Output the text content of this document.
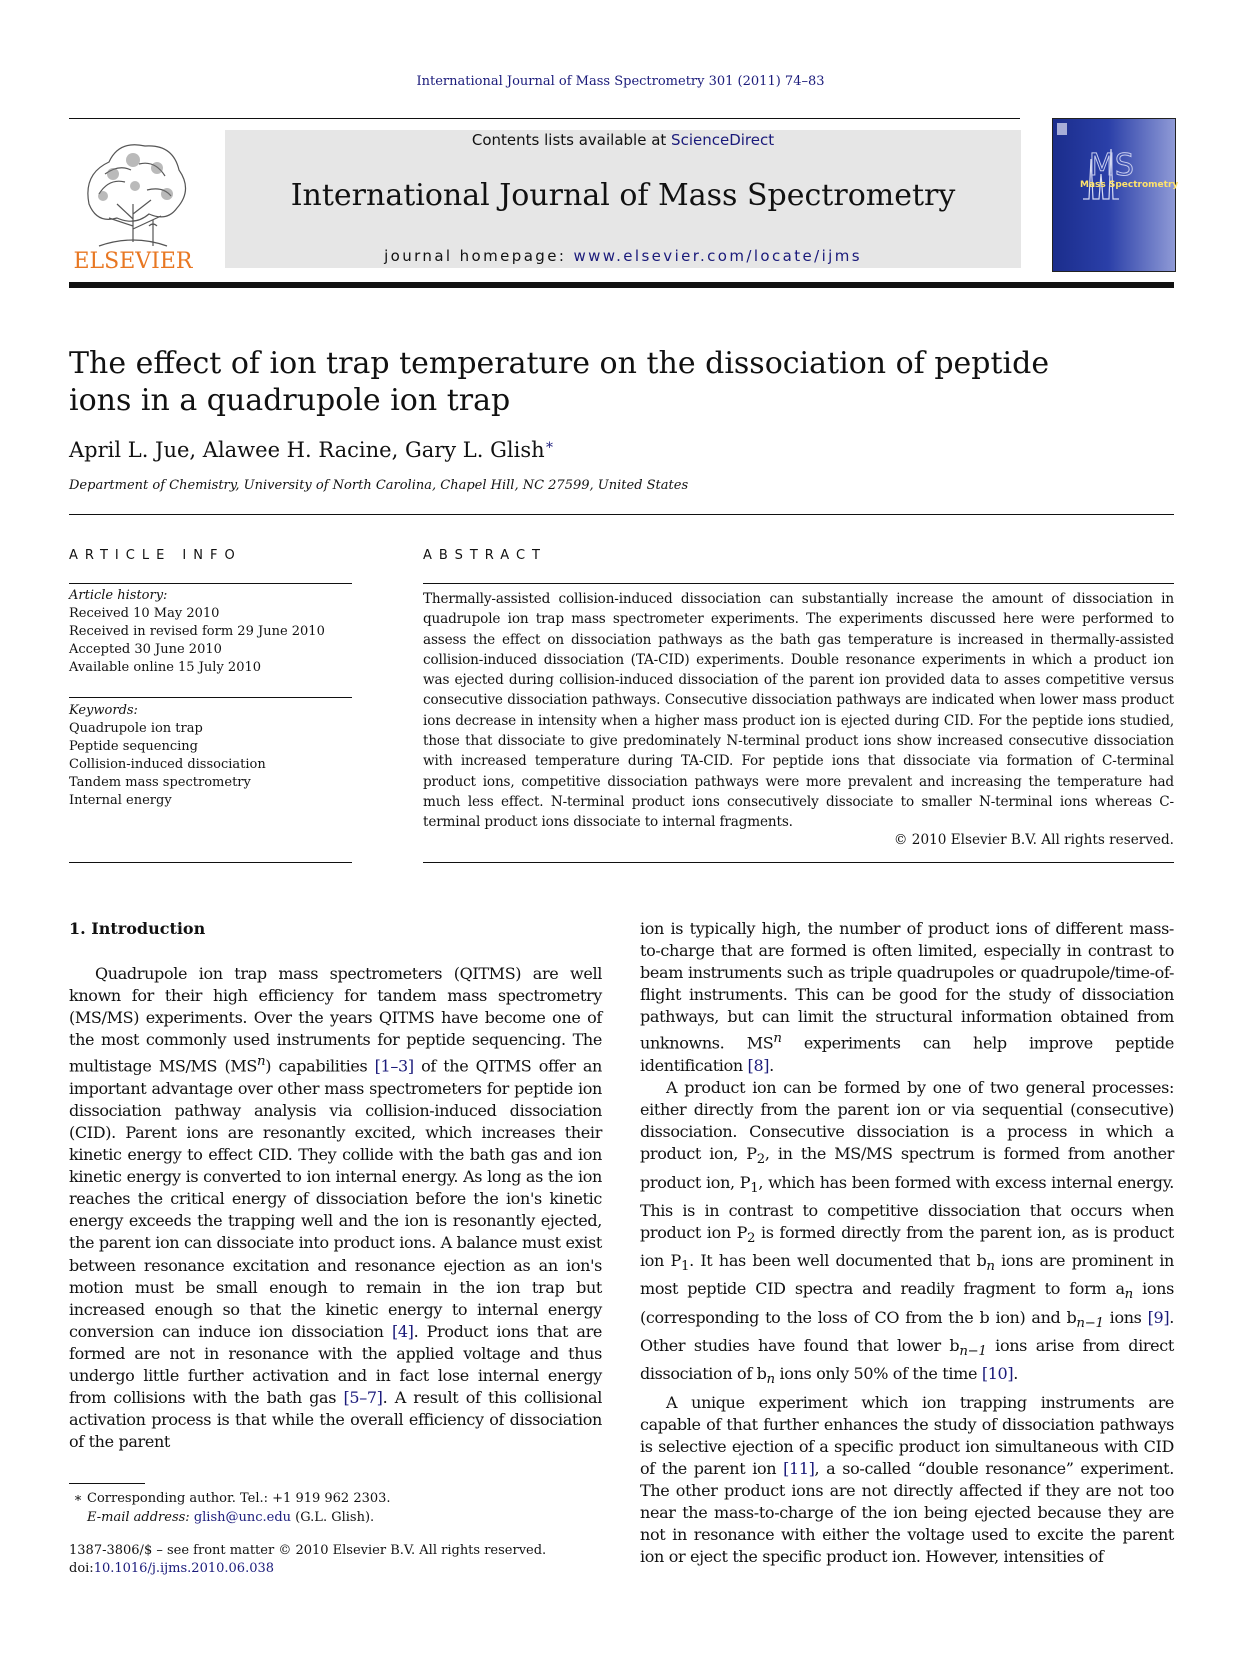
International Journal of Mass Spectrometry 301 (2011) 74–83
ELSEVIER
Contents lists available at ScienceDirect
International Journal of Mass Spectrometry
journal homepage: www.elsevier.com/locate/ijms
MS
Mass Spectrometry
The effect of ion trap temperature on the dissociation of peptide ions in a quadrupole ion trap
April L. Jue, Alawee H. Racine, Gary L. Glish∗
Department of Chemistry, University of North Carolina, Chapel Hill, NC 27599, United States
ARTICLE INFO	ABSTRACT
Article history:
Received 10 May 2010
Received in revised form 29 June 2010
Accepted 30 June 2010
Available online 15 July 2010
Keywords:
Quadrupole ion trap
Peptide sequencing
Collision-induced dissociation
Tandem mass spectrometry
Internal energy
Thermally-assisted collision-induced dissociation can substantially increase the amount of dissociation in quadrupole ion trap mass spectrometer experiments. The experiments discussed here were performed to assess the effect on dissociation pathways as the bath gas temperature is increased in thermally-assisted collision-induced dissociation (TA-CID) experiments. Double resonance experiments in which a product ion was ejected during collision-induced dissociation of the parent ion provided data to asses competitive versus consecutive dissociation pathways. Consecutive dissociation pathways are indicated when lower mass product ions decrease in intensity when a higher mass product ion is ejected during CID. For the peptide ions studied, those that dissociate to give predominately N-terminal product ions show increased consecutive dissociation with increased temperature during TA-CID. For peptide ions that dissociate via formation of C-terminal product ions, competitive dissociation pathways were more prevalent and increasing the temperature had much less effect. N-terminal product ions consecutively dissociate to smaller N-terminal ions whereas C-terminal product ions dissociate to internal fragments.
© 2010 Elsevier B.V. All rights reserved.
1. Introduction

Quadrupole ion trap mass spectrometers (QITMS) are well known for their high efficiency for tandem mass spectrometry (MS/MS) experiments. Over the years QITMS have become one of the most commonly used instruments for peptide sequencing. The multistage MS/MS $(MS^n)$ capabilities [1–3] of the QITMS offer an important advantage over other mass spectrometers for peptide ion dissociation pathway analysis via collision-induced dissociation (CID). Parent ions are resonantly excited, which increases their kinetic energy to effect CID. They collide with the bath gas and ion kinetic energy is converted to ion internal energy. As long as the ion reaches the critical energy of dissociation before the ion's kinetic energy exceeds the trapping well and the ion is resonantly ejected, the parent ion can dissociate into product ions. A balance must exist between resonance excitation and resonance ejection as an ion's motion must be small enough to remain in the ion trap but increased enough so that the kinetic energy to internal energy conversion can induce ion dissociation [4]. Product ions that are formed are not in resonance with the applied voltage and thus undergo little further activation and in fact lose internal energy from collisions with the bath gas [5–7]. A result of this collisional activation process is that while the overall efficiency of dissociation of the parent

ion is typically high, the number of product ions of different mass-to-charge that are formed is often limited, especially in contrast to beam instruments such as triple quadrupoles or quadrupole/time-of-flight instruments. This can be good for the study of dissociation pathways, but can limit the structural information obtained from unknowns. $MS^n$ experiments can help improve peptide identification [8].

A product ion can be formed by one of two general processes: either directly from the parent ion or via sequential (consecutive) dissociation. Consecutive dissociation is a process in which a product ion, $P_2$, in the MS/MS spectrum is formed from another product ion, $P_1$, which has been formed with excess internal energy. This is in contrast to competitive dissociation that occurs when product ion $P_2$ is formed directly from the parent ion, as is product ion $P_1$. It has been well documented that $b_n$ ions are prominent in most peptide CID spectra and readily fragment to form $a_n$ ions (corresponding to the loss of CO from the b ion) and $b_{n-1}$ ions [9]. Other studies have found that lower $b_{n-1}$ ions arise from direct dissociation of $b_n$ ions only 50% of the time [10].

A unique experiment which ion trapping instruments are capable of that further enhances the study of dissociation pathways is selective ejection of a specific product ion simultaneous with CID of the parent ion [11], a so-called “double resonance” experiment. The other product ions are not directly affected if they are not too near the mass-to-charge of the ion being ejected because they are not in resonance with either the voltage used to excite the parent ion or eject the specific product ion. However, intensities of

∗ Corresponding author. Tel.: +1 919 962 2303.
E-mail address: glish@unc.edu (G.L. Glish).
1387-3806/$ – see front matter © 2010 Elsevier B.V. All rights reserved.
doi:10.1016/j.ijms.2010.06.038
